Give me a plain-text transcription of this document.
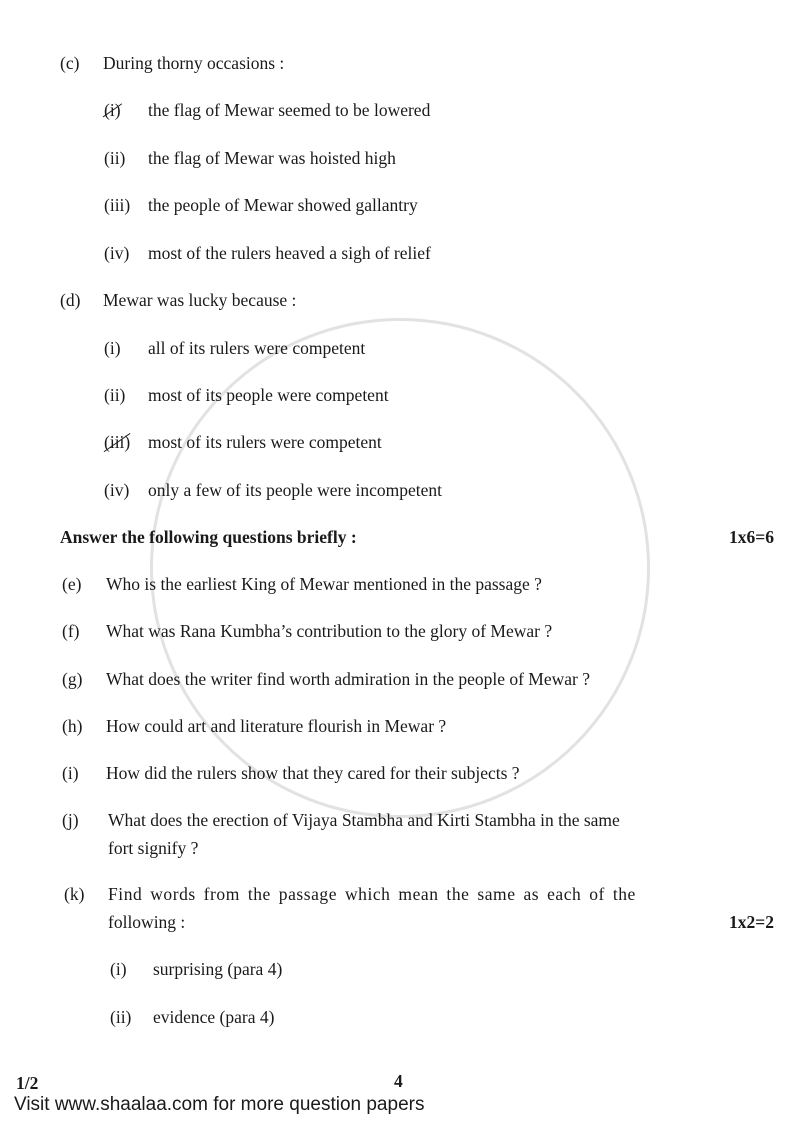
(c) During thorny occasions :
(i) the flag of Mewar seemed to be lowered
(ii) the flag of Mewar was hoisted high
(iii) the people of Mewar showed gallantry
(iv) most of the rulers heaved a sigh of relief
(d) Mewar was lucky because :
(i) all of its rulers were competent
(ii) most of its people were competent
(iii) most of its rulers were competent
(iv) only a few of its people were incompetent
Answer the following questions briefly :	1x6=6
(e) Who is the earliest King of Mewar mentioned in the passage ?
(f) What was Rana Kumbha’s contribution to the glory of Mewar ?
(g) What does the writer find worth admiration in the people of Mewar ?
(h) How could art and literature flourish in Mewar ?
(i) How did the rulers show that they cared for their subjects ?
(j) What does the erection of Vijaya Stambha and Kirti Stambha in the same
fort signify ?
(k) Find words from the passage which mean the same as each of the
following :	1x2=2
(i) surprising (para 4)
(ii) evidence (para 4)
1/2	4
Visit www.shaalaa.com for more question papers
